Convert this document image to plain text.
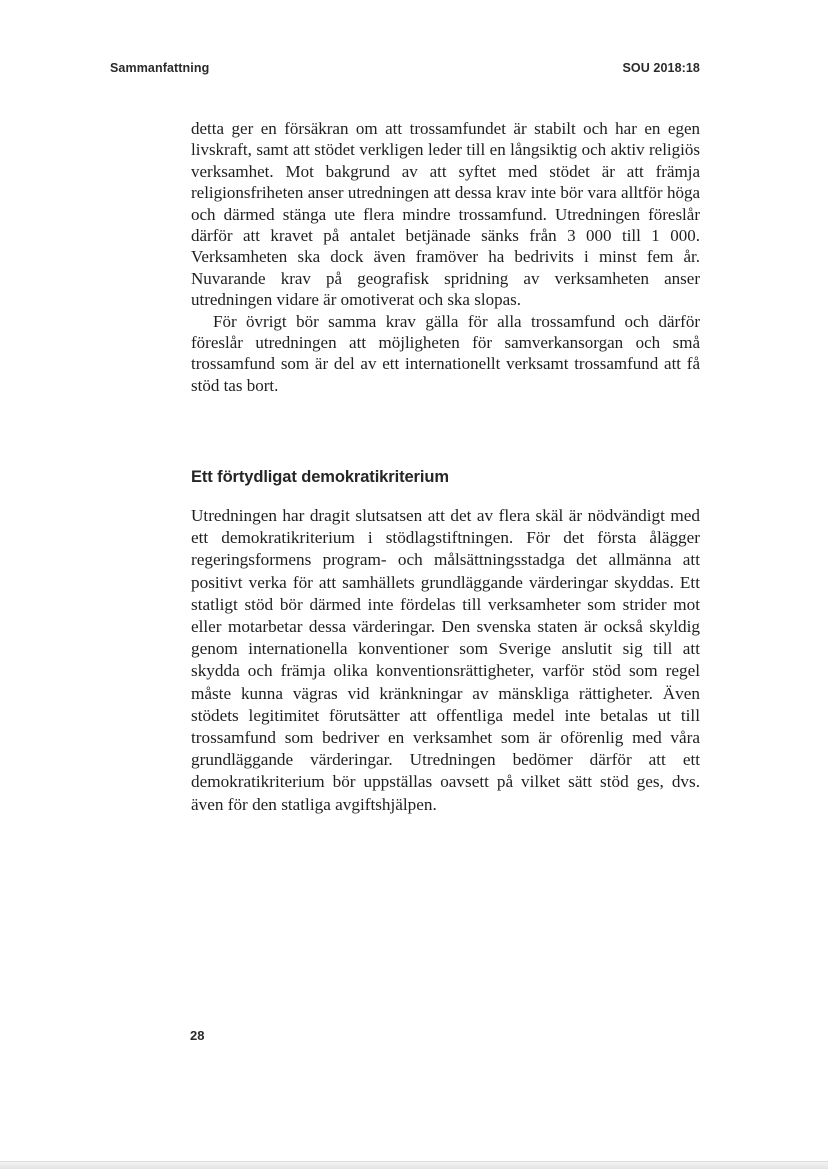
Sammanfattning	SOU 2018:18

detta ger en försäkran om att trossamfundet är stabilt och har en egen livskraft, samt att stödet verkligen leder till en långsiktig och aktiv religiös verksamhet. Mot bakgrund av att syftet med stödet är att främja religionsfriheten anser utredningen att dessa krav inte bör vara alltför höga och därmed stänga ute flera mindre trossamfund. Utredningen föreslår därför att kravet på antalet betjänade sänks från 3 000 till 1 000. Verksamheten ska dock även framöver ha bedrivits i minst fem år. Nuvarande krav på geografisk spridning av verksamheten anser utredningen vidare är omotiverat och ska slopas.

För övrigt bör samma krav gälla för alla trossamfund och därför föreslår utredningen att möjligheten för samverkansorgan och små trossamfund som är del av ett internationellt verksamt trossamfund att få stöd tas bort.

Ett förtydligat demokratikriterium

Utredningen har dragit slutsatsen att det av flera skäl är nödvändigt med ett demokratikriterium i stödlagstiftningen. För det första ålägger regeringsformens program- och målsättningsstadga det allmänna att positivt verka för att samhällets grundläggande värderingar skyddas. Ett statligt stöd bör därmed inte fördelas till verksamheter som strider mot eller motarbetar dessa värderingar. Den svenska staten är också skyldig genom internationella konventioner som Sverige anslutit sig till att skydda och främja olika konventionsrättigheter, varför stöd som regel måste kunna vägras vid kränkningar av mänskliga rättigheter. Även stödets legitimitet förutsätter att offentliga medel inte betalas ut till trossamfund som bedriver en verksamhet som är oförenlig med våra grundläggande värderingar. Utredningen bedömer därför att ett demokratikriterium bör uppställas oavsett på vilket sätt stöd ges, dvs. även för den statliga avgiftshjälpen.

28
